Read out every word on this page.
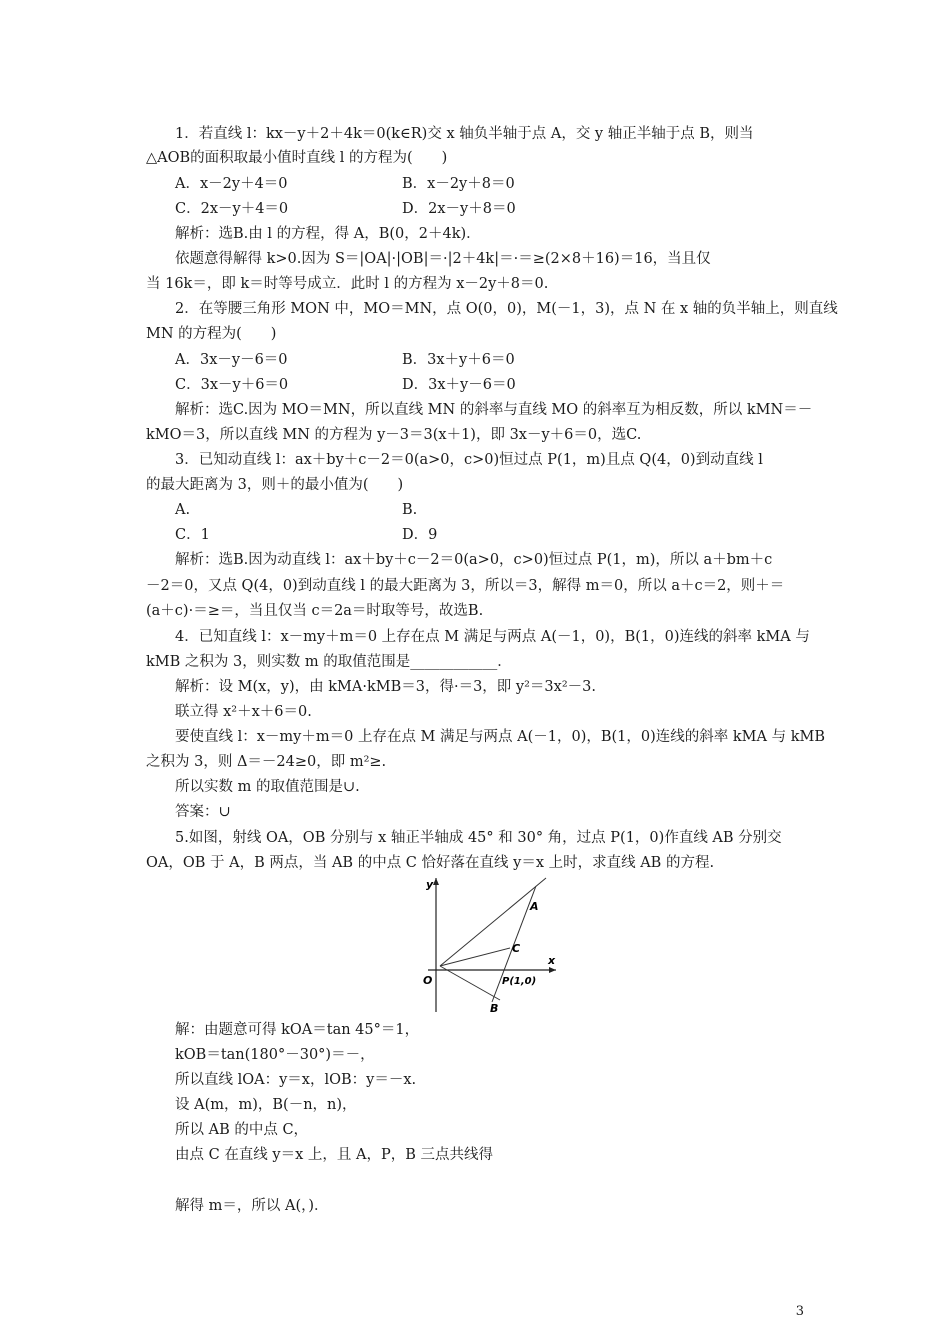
1．若直线 l：kx－y＋2＋4k＝0(k∈R)交 x 轴负半轴于点 A，交 y 轴正半轴于点 B，则当
△AOB的面积取最小值时直线 l 的方程为(　　)
A．x－2y＋4＝0	B．x－2y＋8＝0
C．2x－y＋4＝0	D．2x－y＋8＝0
解析：选B.由 l 的方程，得 A，B(0，2＋4k)．
依题意得解得 k>0.因为 S＝|OA|·|OB|＝·|2＋4k|＝·＝≥(2×8＋16)＝16，当且仅
当 16k＝，即 k＝时等号成立．此时 l 的方程为 x－2y＋8＝0.
2．在等腰三角形 MON 中，MO＝MN，点 O(0，0)，M(－1，3)，点 N 在 x 轴的负半轴上，则直线
MN 的方程为(　　)
A．3x－y－6＝0	B．3x＋y＋6＝0
C．3x－y＋6＝0	D．3x＋y－6＝0
解析：选C.因为 MO＝MN，所以直线 MN 的斜率与直线 MO 的斜率互为相反数，所以 kMN＝－
kMO＝3，所以直线 MN 的方程为 y－3＝3(x＋1)，即 3x－y＋6＝0，选C.
3．已知动直线 l：ax＋by＋c－2＝0(a>0，c>0)恒过点 P(1，m)且点 Q(4，0)到动直线 l
的最大距离为 3，则＋的最小值为(　　)
A.	B.
C．1	D．9
解析：选B.因为动直线 l：ax＋by＋c－2＝0(a>0，c>0)恒过点 P(1，m)，所以 a＋bm＋c
－2＝0，又点 Q(4，0)到动直线 l 的最大距离为 3，所以＝3，解得 m＝0，所以 a＋c＝2，则＋＝
(a＋c)·＝≥＝，当且仅当 c＝2a＝时取等号，故选B.
4．已知直线 l：x－my＋m＝0 上存在点 M 满足与两点 A(－1，0)，B(1，0)连线的斜率 kMA 与
kMB 之积为 3，则实数 m 的取值范围是____________．
解析：设 M(x，y)，由 kMA·kMB＝3，得·＝3，即 y²＝3x²－3.
联立得 x²＋x＋6＝0.
要使直线 l：x－my＋m＝0 上存在点 M 满足与两点 A(－1，0)，B(1，0)连线的斜率 kMA 与 kMB
之积为 3，则 Δ＝－24≥0，即 m²≥.
所以实数 m 的取值范围是∪.
答案：∪
5.如图，射线 OA，OB 分别与 x 轴正半轴成 45° 和 30° 角，过点 P(1，0)作直线 AB 分别交
OA，OB 于 A，B 两点，当 AB 的中点 C 恰好落在直线 y＝x 上时，求直线 AB 的方程.
解：由题意可得 kOA＝tan 45°＝1，
kOB＝tan(180°－30°)＝－，
所以直线 lOA：y＝x，lOB：y＝－x.
设 A(m，m)，B(－n，n)，
所以 AB 的中点 C，
由点 C 在直线 y＝x 上，且 A，P，B 三点共线得
解得 m＝，所以 A(，)．
y
x
O
A
B
C
P(1,0)
3
